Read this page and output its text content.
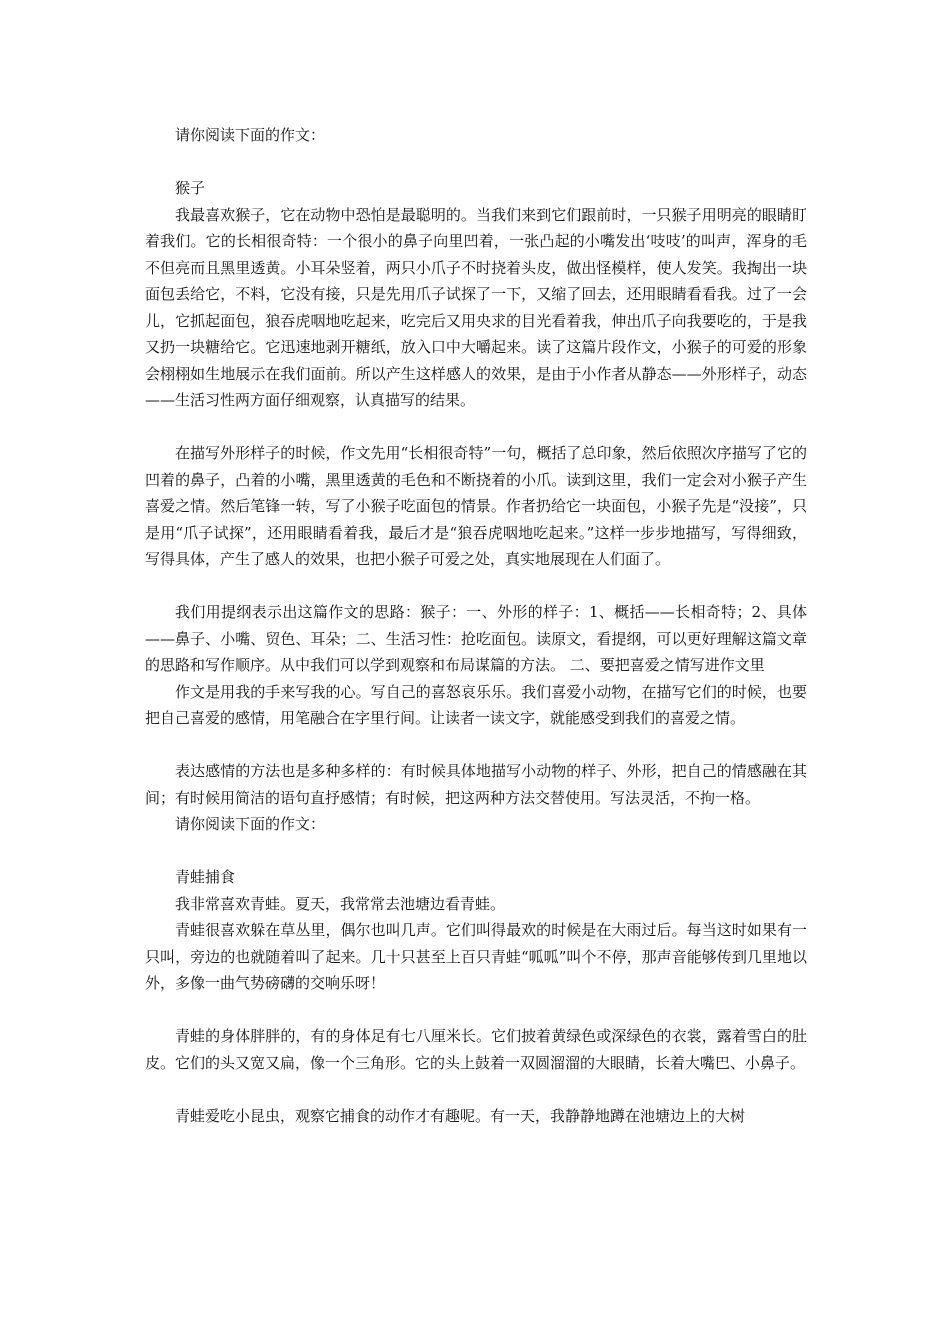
请你阅读下面的作文：

猴子

我最喜欢猴子，它在动物中恐怕是最聪明的。当我们来到它们跟前时，一只猴子用明亮的眼睛盯着我们。它的长相很奇特：一个很小的鼻子向里凹着，一张凸起的小嘴发出‘吱吱’的叫声，浑身的毛不但亮而且黑里透黄。小耳朵竖着，两只小爪子不时挠着头皮，做出怪模样，使人发笑。我掏出一块面包丢给它，不料，它没有接，只是先用爪子试探了一下，又缩了回去，还用眼睛看看我。过了一会儿，它抓起面包，狼吞虎咽地吃起来，吃完后又用央求的目光看着我，伸出爪子向我要吃的，于是我又扔一块糖给它。它迅速地剥开糖纸，放入口中大嚼起来。读了这篇片段作文，小猴子的可爱的形象会栩栩如生地展示在我们面前。所以产生这样感人的效果，是由于小作者从静态——外形样子，动态——生活习性两方面仔细观察，认真描写的结果。

在描写外形样子的时候，作文先用“长相很奇特”一句，概括了总印象，然后依照次序描写了它的凹着的鼻子，凸着的小嘴，黑里透黄的毛色和不断挠着的小爪。读到这里，我们一定会对小猴子产生喜爱之情。然后笔锋一转，写了小猴子吃面包的情景。作者扔给它一块面包，小猴子先是“没接”，只是用“爪子试探”，还用眼睛看着我，最后才是“狼吞虎咽地吃起来。”这样一步步地描写，写得细致，写得具体，产生了感人的效果，也把小猴子可爱之处，真实地展现在人们面了。

我们用提纲表示出这篇作文的思路：猴子：一、外形的样子：1、概括——长相奇特；2、具体——鼻子、小嘴、贸色、耳朵；二、生活习性：抢吃面包。读原文，看提纲，可以更好理解这篇文章的思路和写作顺序。从中我们可以学到观察和布局谋篇的方法。 二、要把喜爱之情写进作文里

作文是用我的手来写我的心。写自己的喜怒哀乐乐。我们喜爱小动物，在描写它们的时候，也要把自己喜爱的感情，用笔融合在字里行间。让读者一读文字，就能感受到我们的喜爱之情。

表达感情的方法也是多种多样的：有时候具体地描写小动物的样子、外形，把自己的情感融在其间；有时候用简洁的语句直抒感情；有时候，把这两种方法交替使用。写法灵活，不拘一格。

请你阅读下面的作文：

青蛙捕食

我非常喜欢青蛙。夏天，我常常去池塘边看青蛙。

青蛙很喜欢躲在草丛里，偶尔也叫几声。它们叫得最欢的时候是在大雨过后。每当这时如果有一只叫，旁边的也就随着叫了起来。几十只甚至上百只青蛙“呱呱”叫个不停，那声音能够传到几里地以外，多像一曲气势磅礴的交响乐呀！

青蛙的身体胖胖的，有的身体足有七八厘米长。它们披着黄绿色或深绿色的衣裳，露着雪白的肚皮。它们的头又宽又扁，像一个三角形。它的头上鼓着一双圆溜溜的大眼睛，长着大嘴巴、小鼻子。

青蛙爱吃小昆虫，观察它捕食的动作才有趣呢。有一天，我静静地蹲在池塘边上的大树
